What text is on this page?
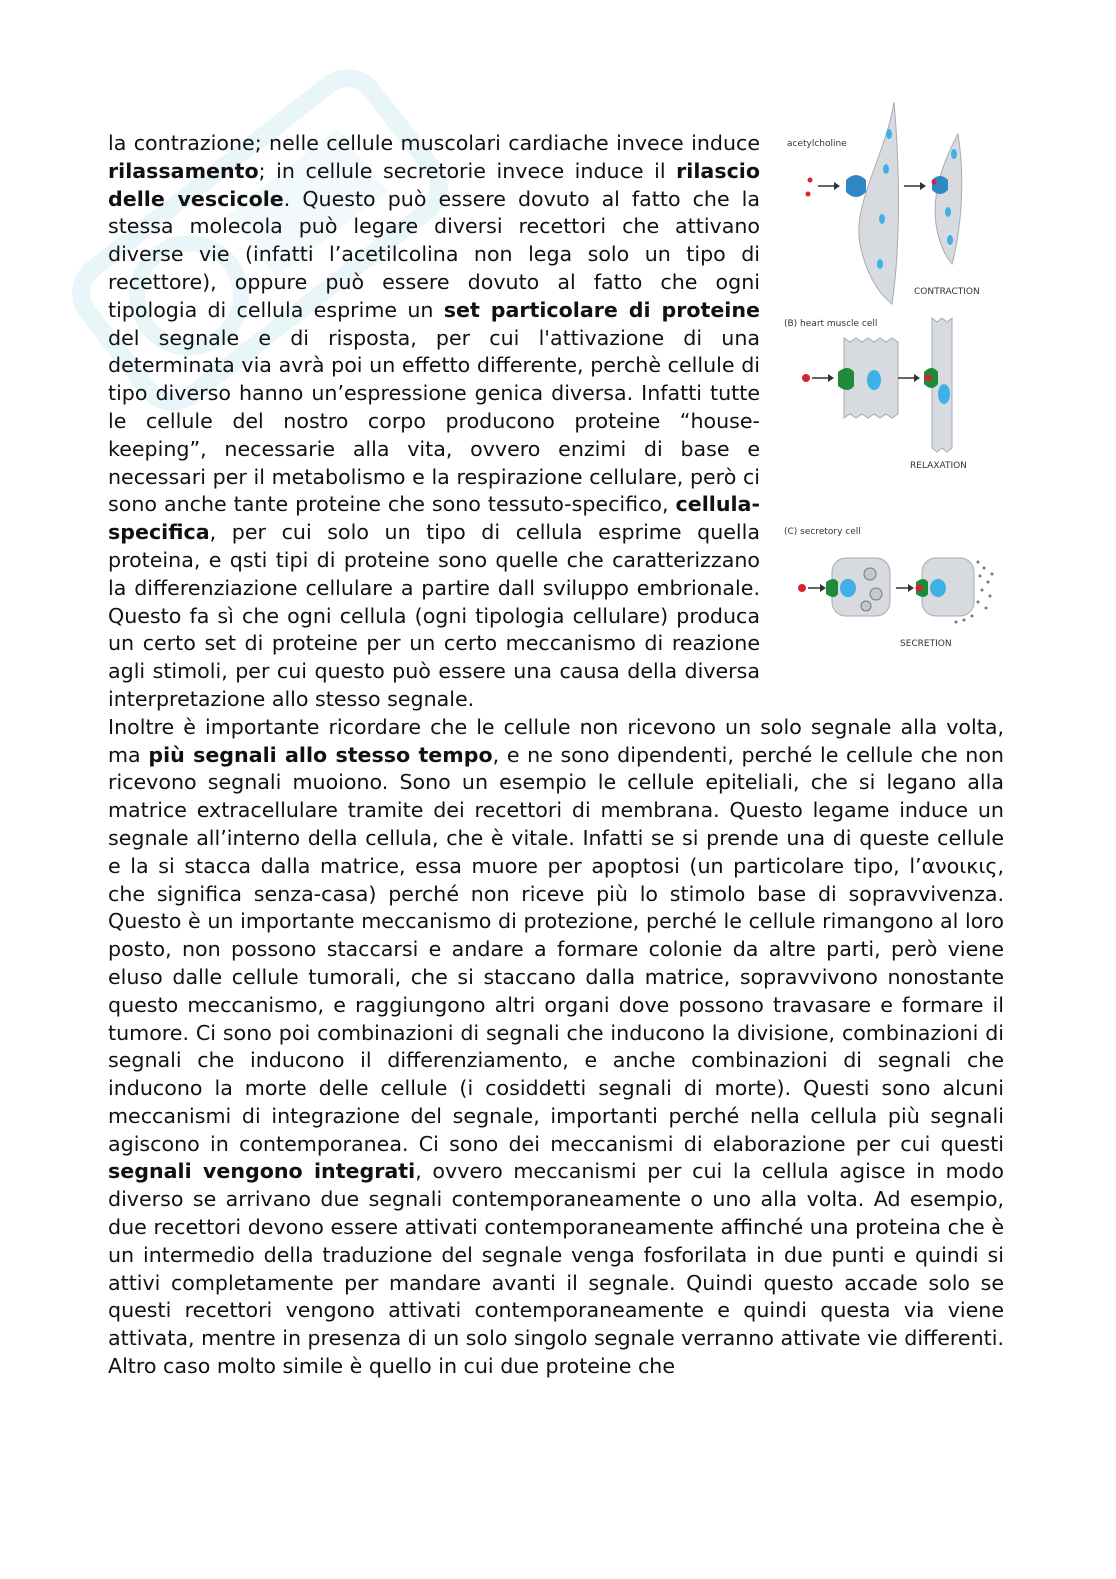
acetylcholine
CONTRACTION
(B) heart muscle cell
RELAXATION
(C) secretory cell
SECRETION

la contrazione; nelle cellule muscolari cardiache invece induce rilassamento; in cellule secretorie invece induce il rilascio delle vescicole. Questo può essere dovuto al fatto che la stessa molecola può legare diversi recettori che attivano diverse vie (infatti l’acetilcolina non lega solo un tipo di recettore), oppure può essere dovuto al fatto che ogni tipologia di cellula esprime un set particolare di proteine del segnale e di risposta, per cui l'attivazione di una determinata via avrà poi un effetto differente, perchè cellule di tipo diverso hanno un’espressione genica diversa. Infatti tutte le cellule del nostro corpo producono proteine “house-keeping”, necessarie alla vita, ovvero enzimi di base e necessari per il metabolismo e la respirazione cellulare, però ci sono anche tante proteine che sono tessuto-specifico, cellula-specifica, per cui solo un tipo di cellula esprime quella proteina, e qsti tipi di proteine sono quelle che caratterizzano la differenziazione cellulare a partire dall sviluppo embrionale. Questo fa sì che ogni cellula (ogni tipologia cellulare) produca un certo set di proteine per un certo meccanismo di reazione agli stimoli, per cui questo può essere una causa della diversa interpretazione allo stesso segnale.

Inoltre è importante ricordare che le cellule non ricevono un solo segnale alla volta, ma più segnali allo stesso tempo, e ne sono dipendenti, perché le cellule che non ricevono segnali muoiono. Sono un esempio le cellule epiteliali, che si legano alla matrice extracellulare tramite dei recettori di membrana. Questo legame induce un segnale all’interno della cellula, che è vitale. Infatti se si prende una di queste cellule e la si stacca dalla matrice, essa muore per apoptosi (un particolare tipo, l’ανοικις, che significa senza-casa) perché non riceve più lo stimolo base di sopravvivenza. Questo è un importante meccanismo di protezione, perché le cellule rimangono al loro posto, non possono staccarsi e andare a formare colonie da altre parti, però viene eluso dalle cellule tumorali, che si staccano dalla matrice, sopravvivono nonostante questo meccanismo, e raggiungono altri organi dove possono travasare e formare il tumore. Ci sono poi combinazioni di segnali che inducono la divisione, combinazioni di segnali che inducono il differenziamento, e anche combinazioni di segnali che inducono la morte delle cellule (i cosiddetti segnali di morte). Questi sono alcuni meccanismi di integrazione del segnale, importanti perché nella cellula più segnali agiscono in contemporanea. Ci sono dei meccanismi di elaborazione per cui questi segnali vengono integrati, ovvero meccanismi per cui la cellula agisce in modo diverso se arrivano due segnali contemporaneamente o uno alla volta. Ad esempio, due recettori devono essere attivati contemporaneamente affinché una proteina che è un intermedio della traduzione del segnale venga fosforilata in due punti e quindi si attivi completamente per mandare avanti il segnale. Quindi questo accade solo se questi recettori vengono attivati contemporaneamente e quindi questa via viene attivata, mentre in presenza di un solo singolo segnale verranno attivate vie differenti. Altro caso molto simile è quello in cui due proteine che
